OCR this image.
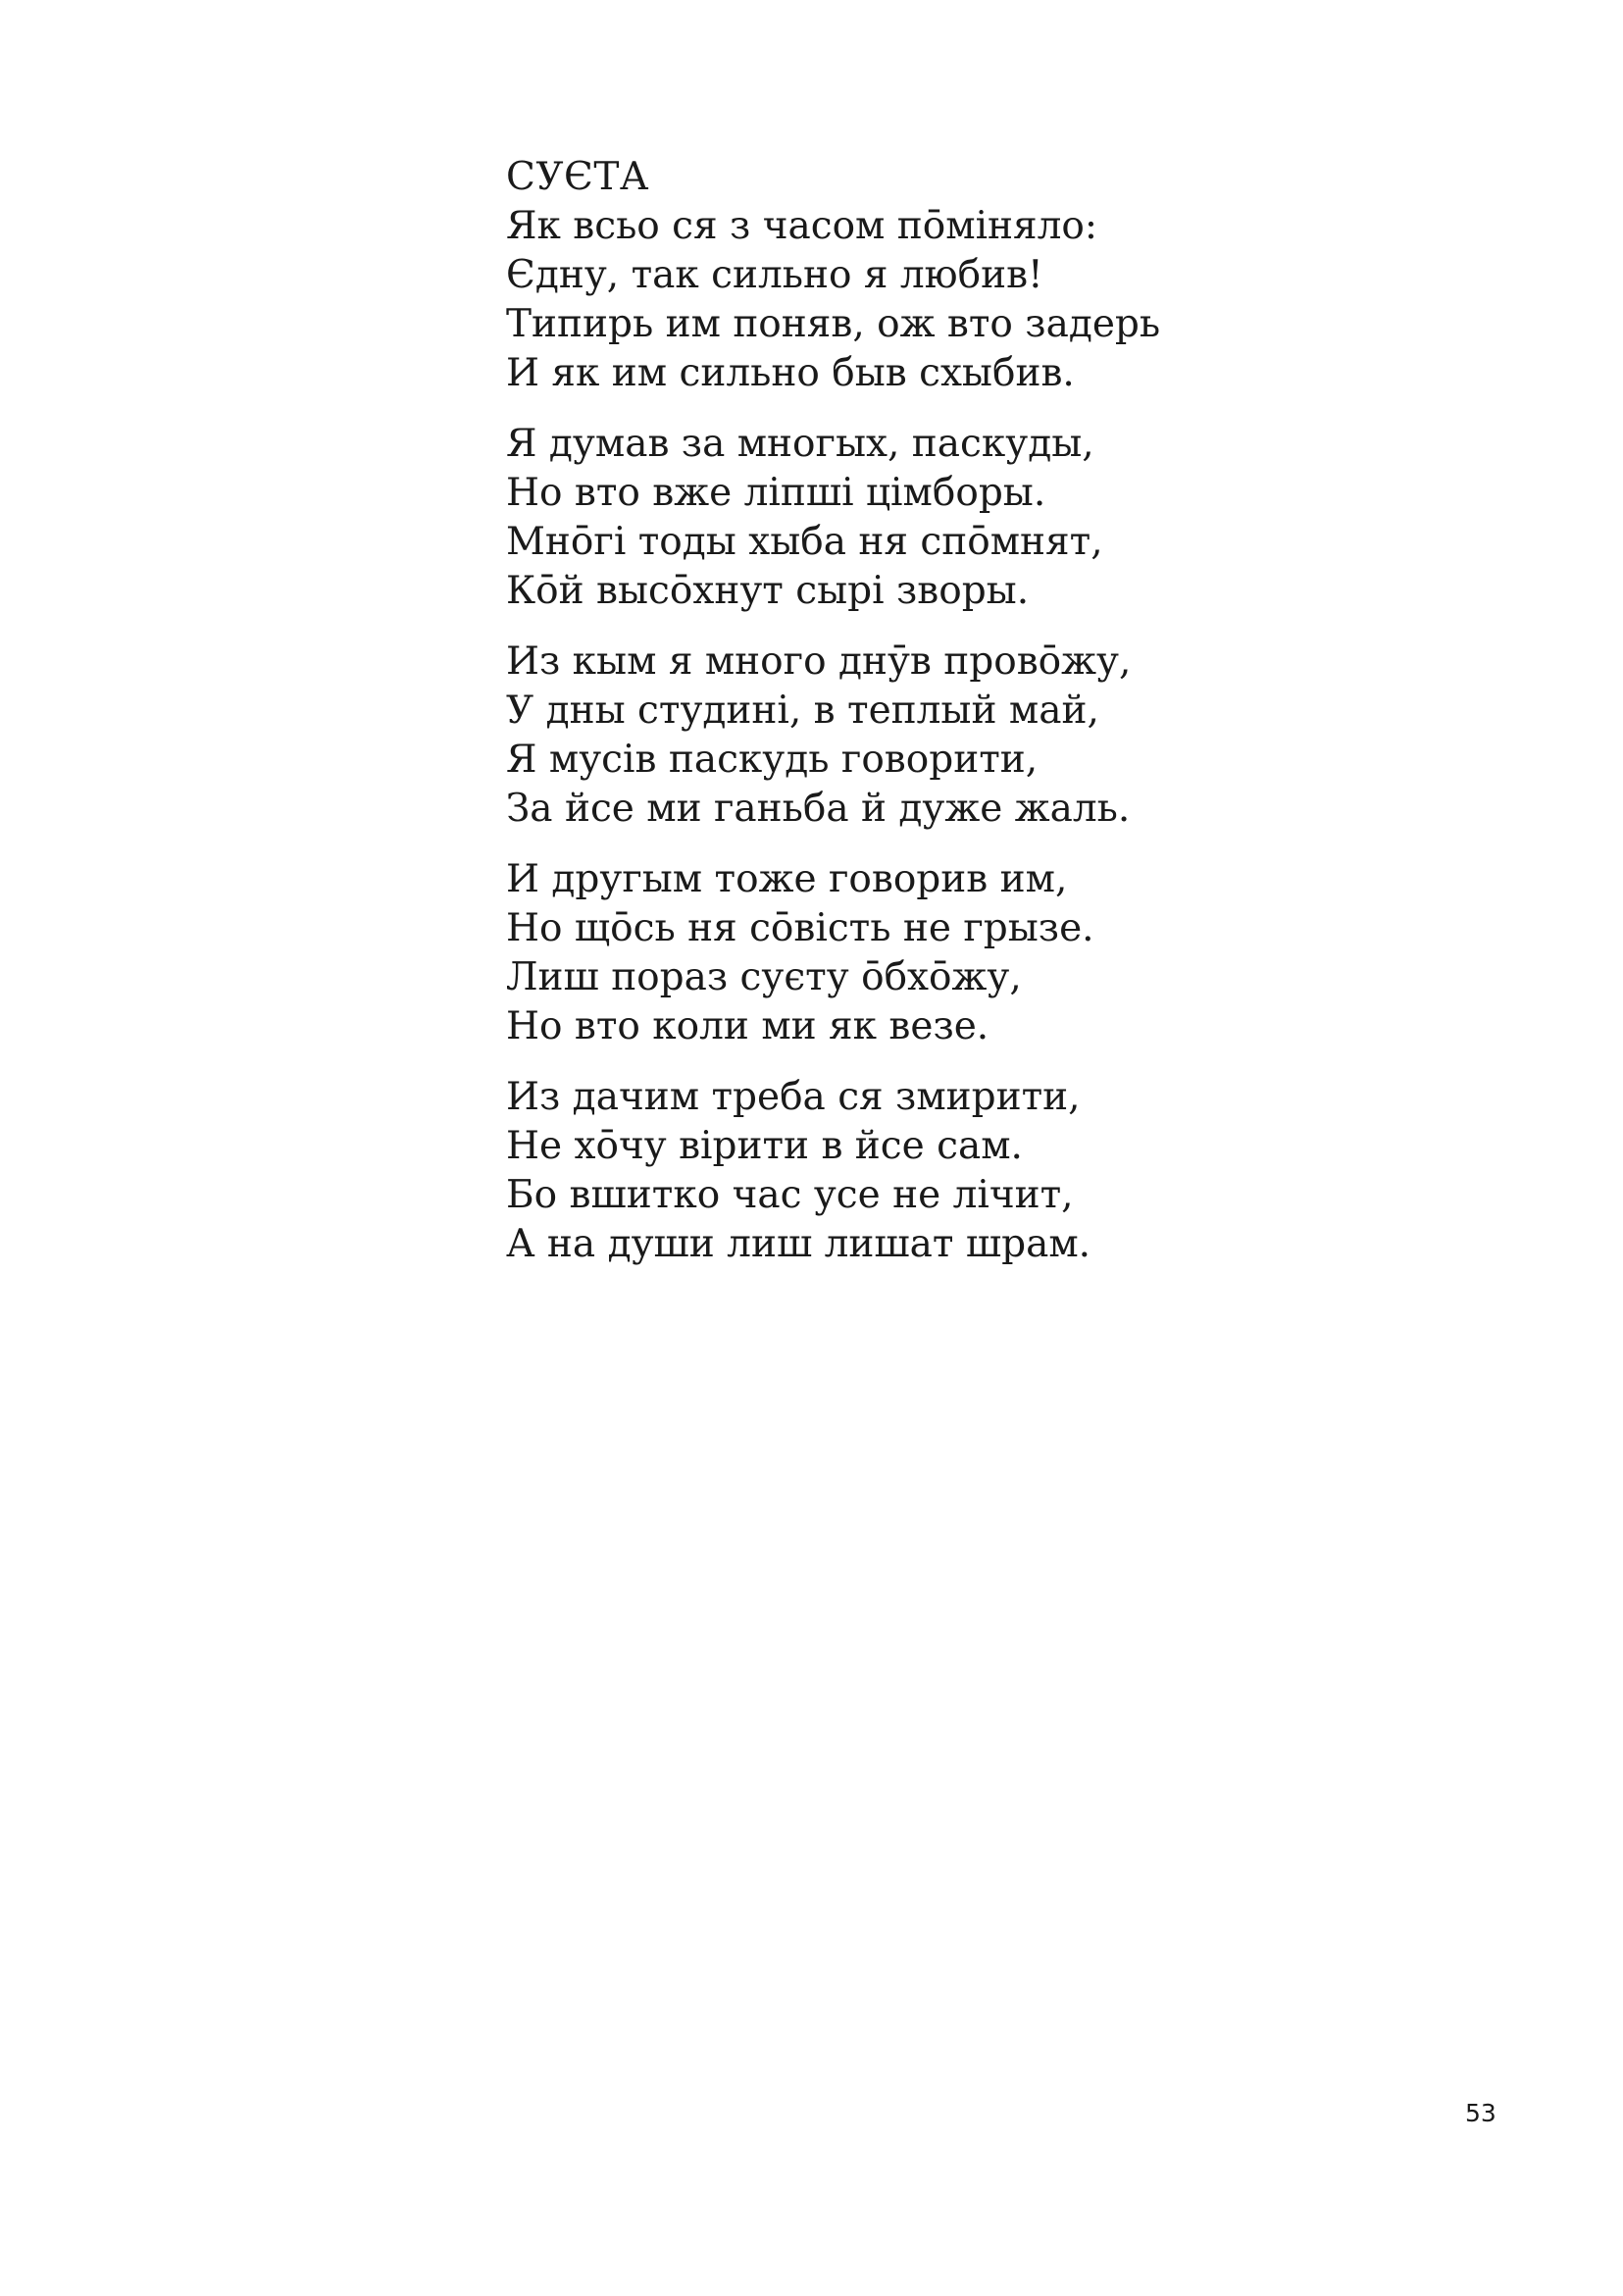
СУЄТА
Як всьо ся з часом пōміняло:
Єдну, так сильно я любив!
Типирь им поняв, ож вто задерь
И як им сильно быв схыбив.
Я думав за многых, паскуды,
Но вто вже ліпші цімборы.
Мнōгі тоды хыба ня спōмнят,
Кōй высōхнут сырі зворы.
Из кым я много днӯв провōжу,
У дны студині, в теплый май,
Я мусів паскудь говорити,
За йсе ми ганьба й дуже жаль.
И другым тоже говорив им,
Но щōсь ня сōвість не грызе.
Лиш пораз суєту ōбхōжу,
Но вто коли ми як везе.
Из дачим треба ся змирити,
Не хōчу вірити в йсе сам.
Бо вшитко час усе не лічит,
А на души лиш лишат шрам.
53
